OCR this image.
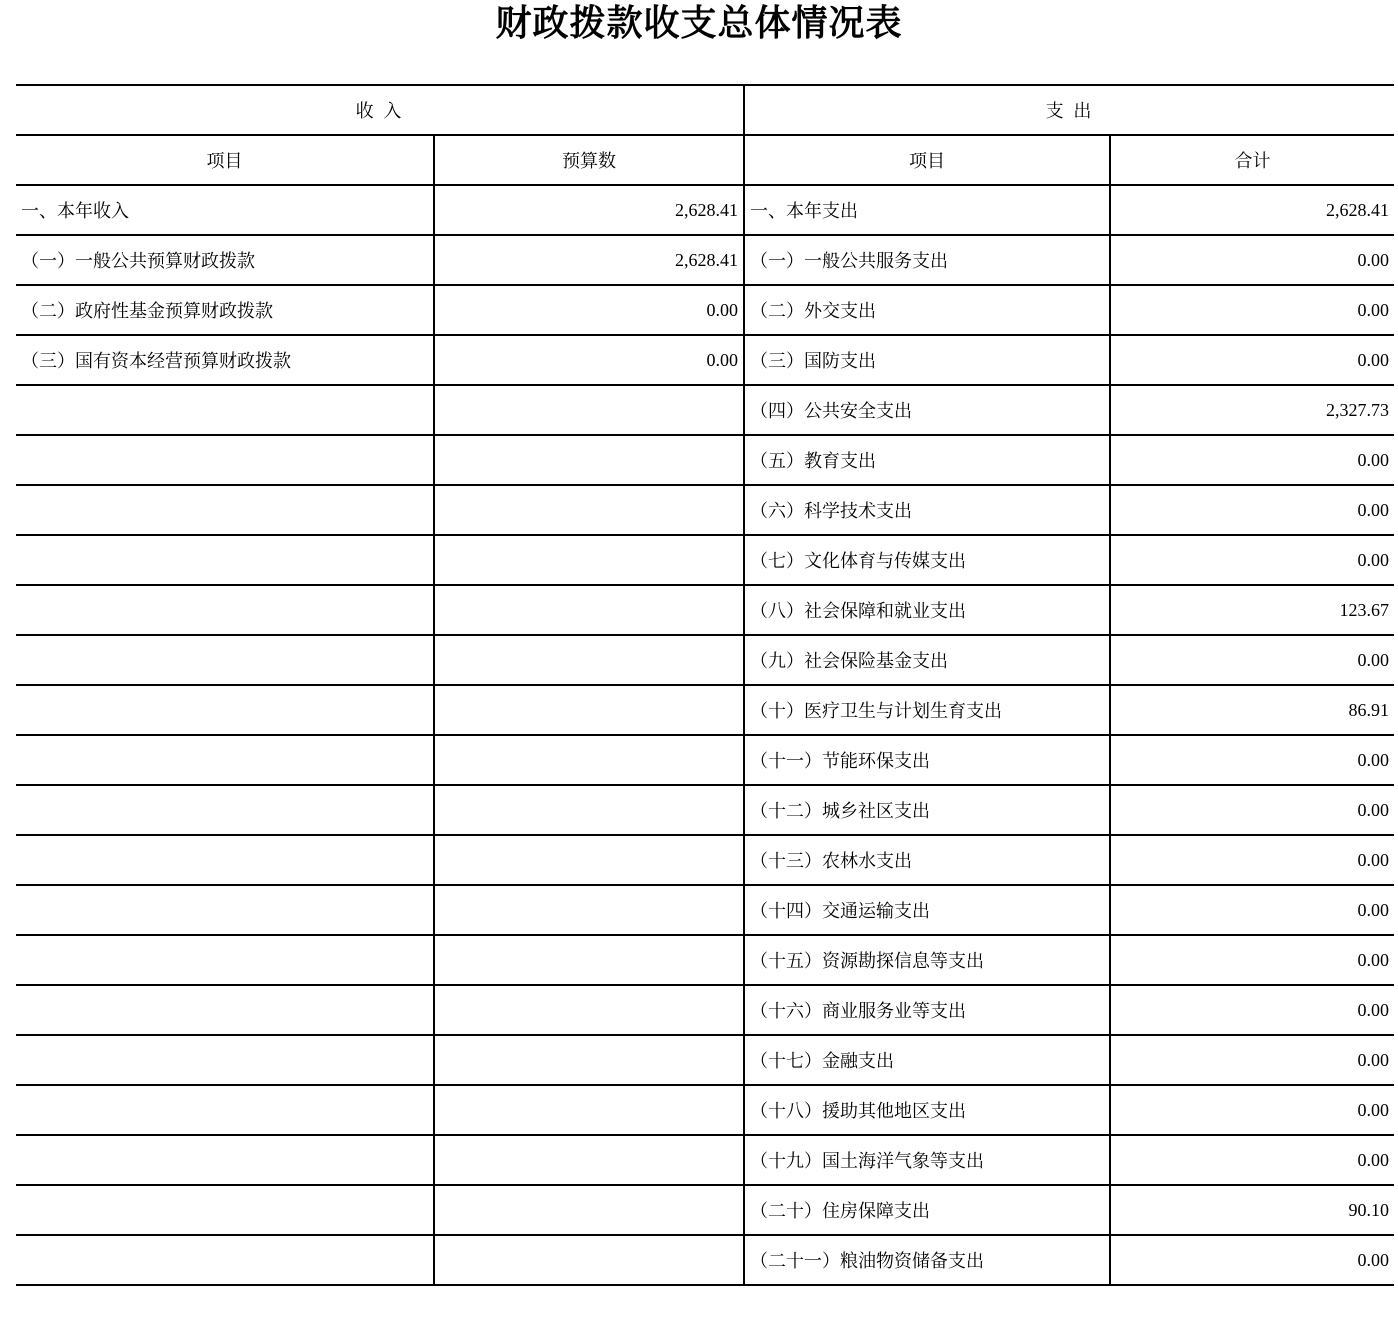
财政拨款收支总体情况表
收 入		支 出	
项目	预算数	项目	合计
一、本年收入	2,628.41	一、本年支出	2,628.41
（一）一般公共预算财政拨款	2,628.41	（一）一般公共服务支出	0.00
（二）政府性基金预算财政拨款	0.00	（二）外交支出	0.00
（三）国有资本经营预算财政拨款	0.00	（三）国防支出	0.00
		（四）公共安全支出	2,327.73
		（五）教育支出	0.00
		（六）科学技术支出	0.00
		（七）文化体育与传媒支出	0.00
		（八）社会保障和就业支出	123.67
		（九）社会保险基金支出	0.00
		（十）医疗卫生与计划生育支出	86.91
		（十一）节能环保支出	0.00
		（十二）城乡社区支出	0.00
		（十三）农林水支出	0.00
		（十四）交通运输支出	0.00
		（十五）资源勘探信息等支出	0.00
		（十六）商业服务业等支出	0.00
		（十七）金融支出	0.00
		（十八）援助其他地区支出	0.00
		（十九）国土海洋气象等支出	0.00
		（二十）住房保障支出	90.10
		（二十一）粮油物资储备支出	0.00
